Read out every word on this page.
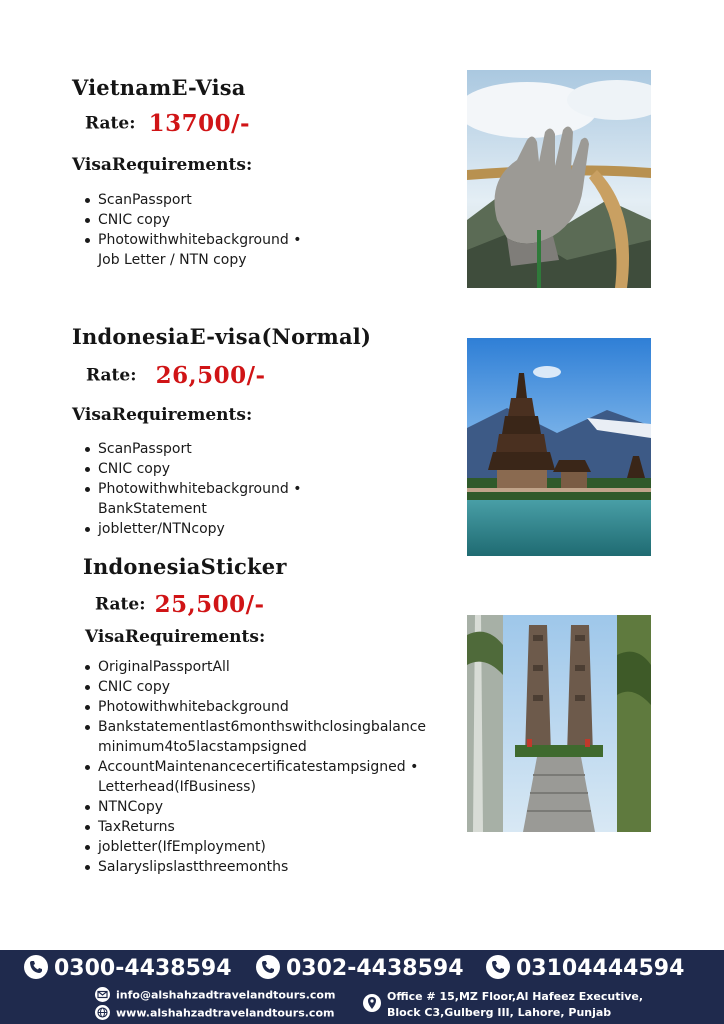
VietnamE-Visa
Rate: 13700/-
VisaRequirements:
ScanPassport
CNIC copy
Photowithwhitebackground •
Job Letter / NTN copy
IndonesiaE-visa(Normal)
Rate: 26,500/-
VisaRequirements:
ScanPassport
CNIC copy
Photowithwhitebackground •
BankStatement
jobletter/NTNcopy
IndonesiaSticker
Rate: 25,500/-
VisaRequirements:
OriginalPassportAll
CNIC copy
Photowithwhitebackground
Bankstatementlast6monthswithclosingbalance
minimum4to5lacstampsigned
AccountMaintenancecertificatestampsigned •
Letterhead(IfBusiness)
NTNCopy
TaxReturns
jobletter(IfEmployment)
Salaryslipslastthreemonths
0300-4438594	0302-4438594	03104444594
info@alshahzadtravelandtours.com
www.alshahzadtravelandtours.com
Office # 15,MZ Floor,Al Hafeez Executive,
Block C3,Gulberg III, Lahore, Punjab
